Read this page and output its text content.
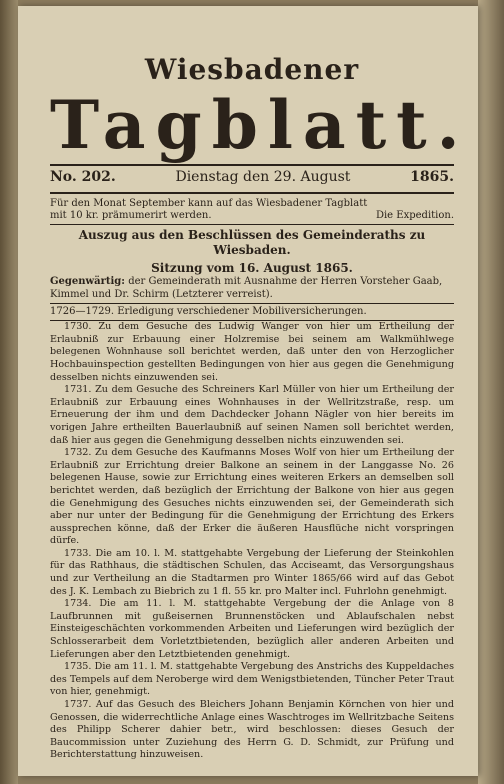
Wiesbadener
Tagblatt.
No. 202.	Dienstag den 29. August	1865.
Für den Monat September kann auf das Wiesbadener Tagblatt
mit 10 kr. prämumerirt werden.	Die Expedition.
Auszug aus den Beschlüssen des Gemeinderaths zu Wiesbaden.
Sitzung vom 16. August 1865.
Gegenwärtig: der Gemeinderath mit Ausnahme der Herren Vorsteher Gaab, Kimmel und Dr. Schirm (Letzterer verreist).
1726—1729. Erledigung verschiedener Mobiliversicherungen.

1730. Zu dem Gesuche des Ludwig Wanger von hier um Ertheilung der Erlaubniß zur Erbauung einer Holzremise bei seinem am Walkmühlwege belegenen Wohnhause soll berichtet werden, daß unter den von Herzoglicher Hochbauinspection gestellten Bedingungen von hier aus gegen die Genehmigung desselben nichts einzuwenden sei.

1731. Zu dem Gesuche des Schreiners Karl Müller von hier um Ertheilung der Erlaubniß zur Erbauung eines Wohnhauses in der Wellritzstraße, resp. um Erneuerung der ihm und dem Dachdecker Johann Nägler von hier bereits im vorigen Jahre ertheilten Bauerlaubniß auf seinen Namen soll berichtet werden, daß hier aus gegen die Genehmigung desselben nichts einzuwenden sei.

1732. Zu dem Gesuche des Kaufmanns Moses Wolf von hier um Ertheilung der Erlaubniß zur Errichtung dreier Balkone an seinem in der Langgasse No. 26 belegenen Hause, sowie zur Errichtung eines weiteren Erkers an demselben soll berichtet werden, daß bezüglich der Errichtung der Balkone von hier aus gegen die Genehmigung des Gesuches nichts einzuwenden sei, der Gemeinderath sich aber nur unter der Bedingung für die Genehmigung der Errichtung des Erkers aussprechen könne, daß der Erker die äußeren Hausflüche nicht vorspringen dürfe.

1733. Die am 10. l. M. stattgehabte Vergebung der Lieferung der Steinkohlen für das Rathhaus, die städtischen Schulen, das Acciseamt, das Versorgungshaus und zur Vertheilung an die Stadtarmen pro Winter 1865/66 wird auf das Gebot des J. K. Lembach zu Biebrich zu 1 fl. 55 kr. pro Malter incl. Fuhrlohn genehmigt.

1734. Die am 11. l. M. stattgehabte Vergebung der die Anlage von 8 Laufbrunnen mit gußeisernen Brunnenstöcken und Ablaufschalen nebst Einsteigeschächten vorkommenden Arbeiten und Lieferungen wird bezüglich der Schlosserarbeit dem Vorletztbietenden, bezüglich aller anderen Arbeiten und Lieferungen aber den Letztbietenden genehmigt.

1735. Die am 11. l. M. stattgehabte Vergebung des Anstrichs des Kuppeldaches des Tempels auf dem Neroberge wird dem Wenigstbietenden, Tüncher Peter Traut von hier, genehmigt.

1737. Auf das Gesuch des Bleichers Johann Benjamin Körnchen von hier und Genossen, die widerrechtliche Anlage eines Waschtroges im Wellritzbache Seitens des Philipp Scherer dahier betr., wird beschlossen: dieses Gesuch der Baucommission unter Zuziehung des Herrn G. D. Schmidt, zur Prüfung und Berichterstattung hinzuweisen.
